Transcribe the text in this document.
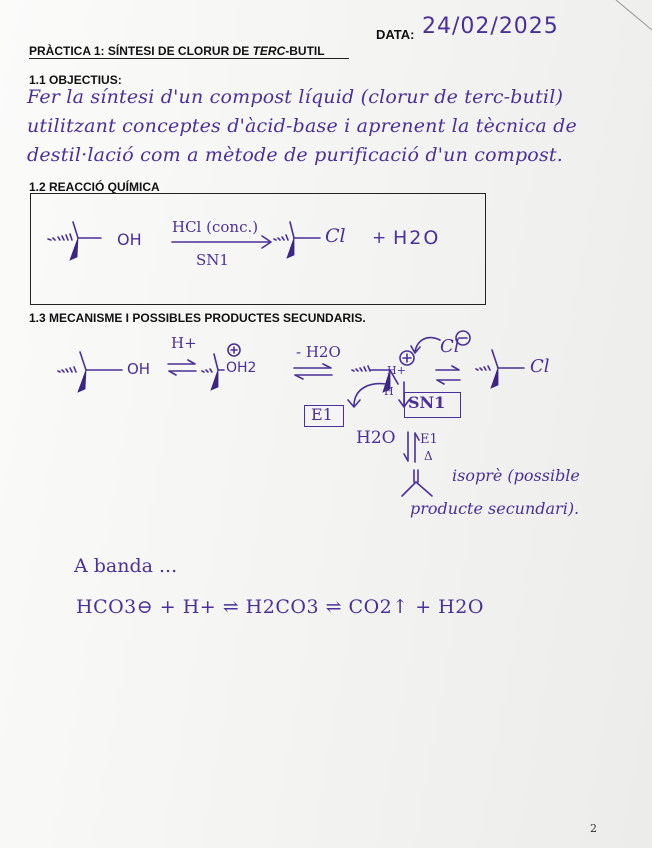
DATA: 24/02/2025
PRÀCTICA 1: SÍNTESI DE CLORUR DE TERC-BUTIL
1.1 OBJECTIUS:
Fer la síntesi d'un compost líquid (clorur de terc-butil)
utilitzant conceptes d'àcid-base i aprenent la tècnica de
destil·lació com a mètode de purificació d'un compost.
1.2 REACCIÓ QUÍMICA
OH
HCl (conc.)
SN1
Cl + H2O
1.3 MECANISME I POSSIBLES PRODUCTES SECUNDARIS.
OH
H+
OH2
- H2O
H+
Cl
Cl
H
E1
SN1
H2O E1
Δ
isoprè (possible
producte secundari).
A banda ...
HCO3⊖ + H+ ⇌ H2CO3 ⇌ CO2↑ + H2O
2
